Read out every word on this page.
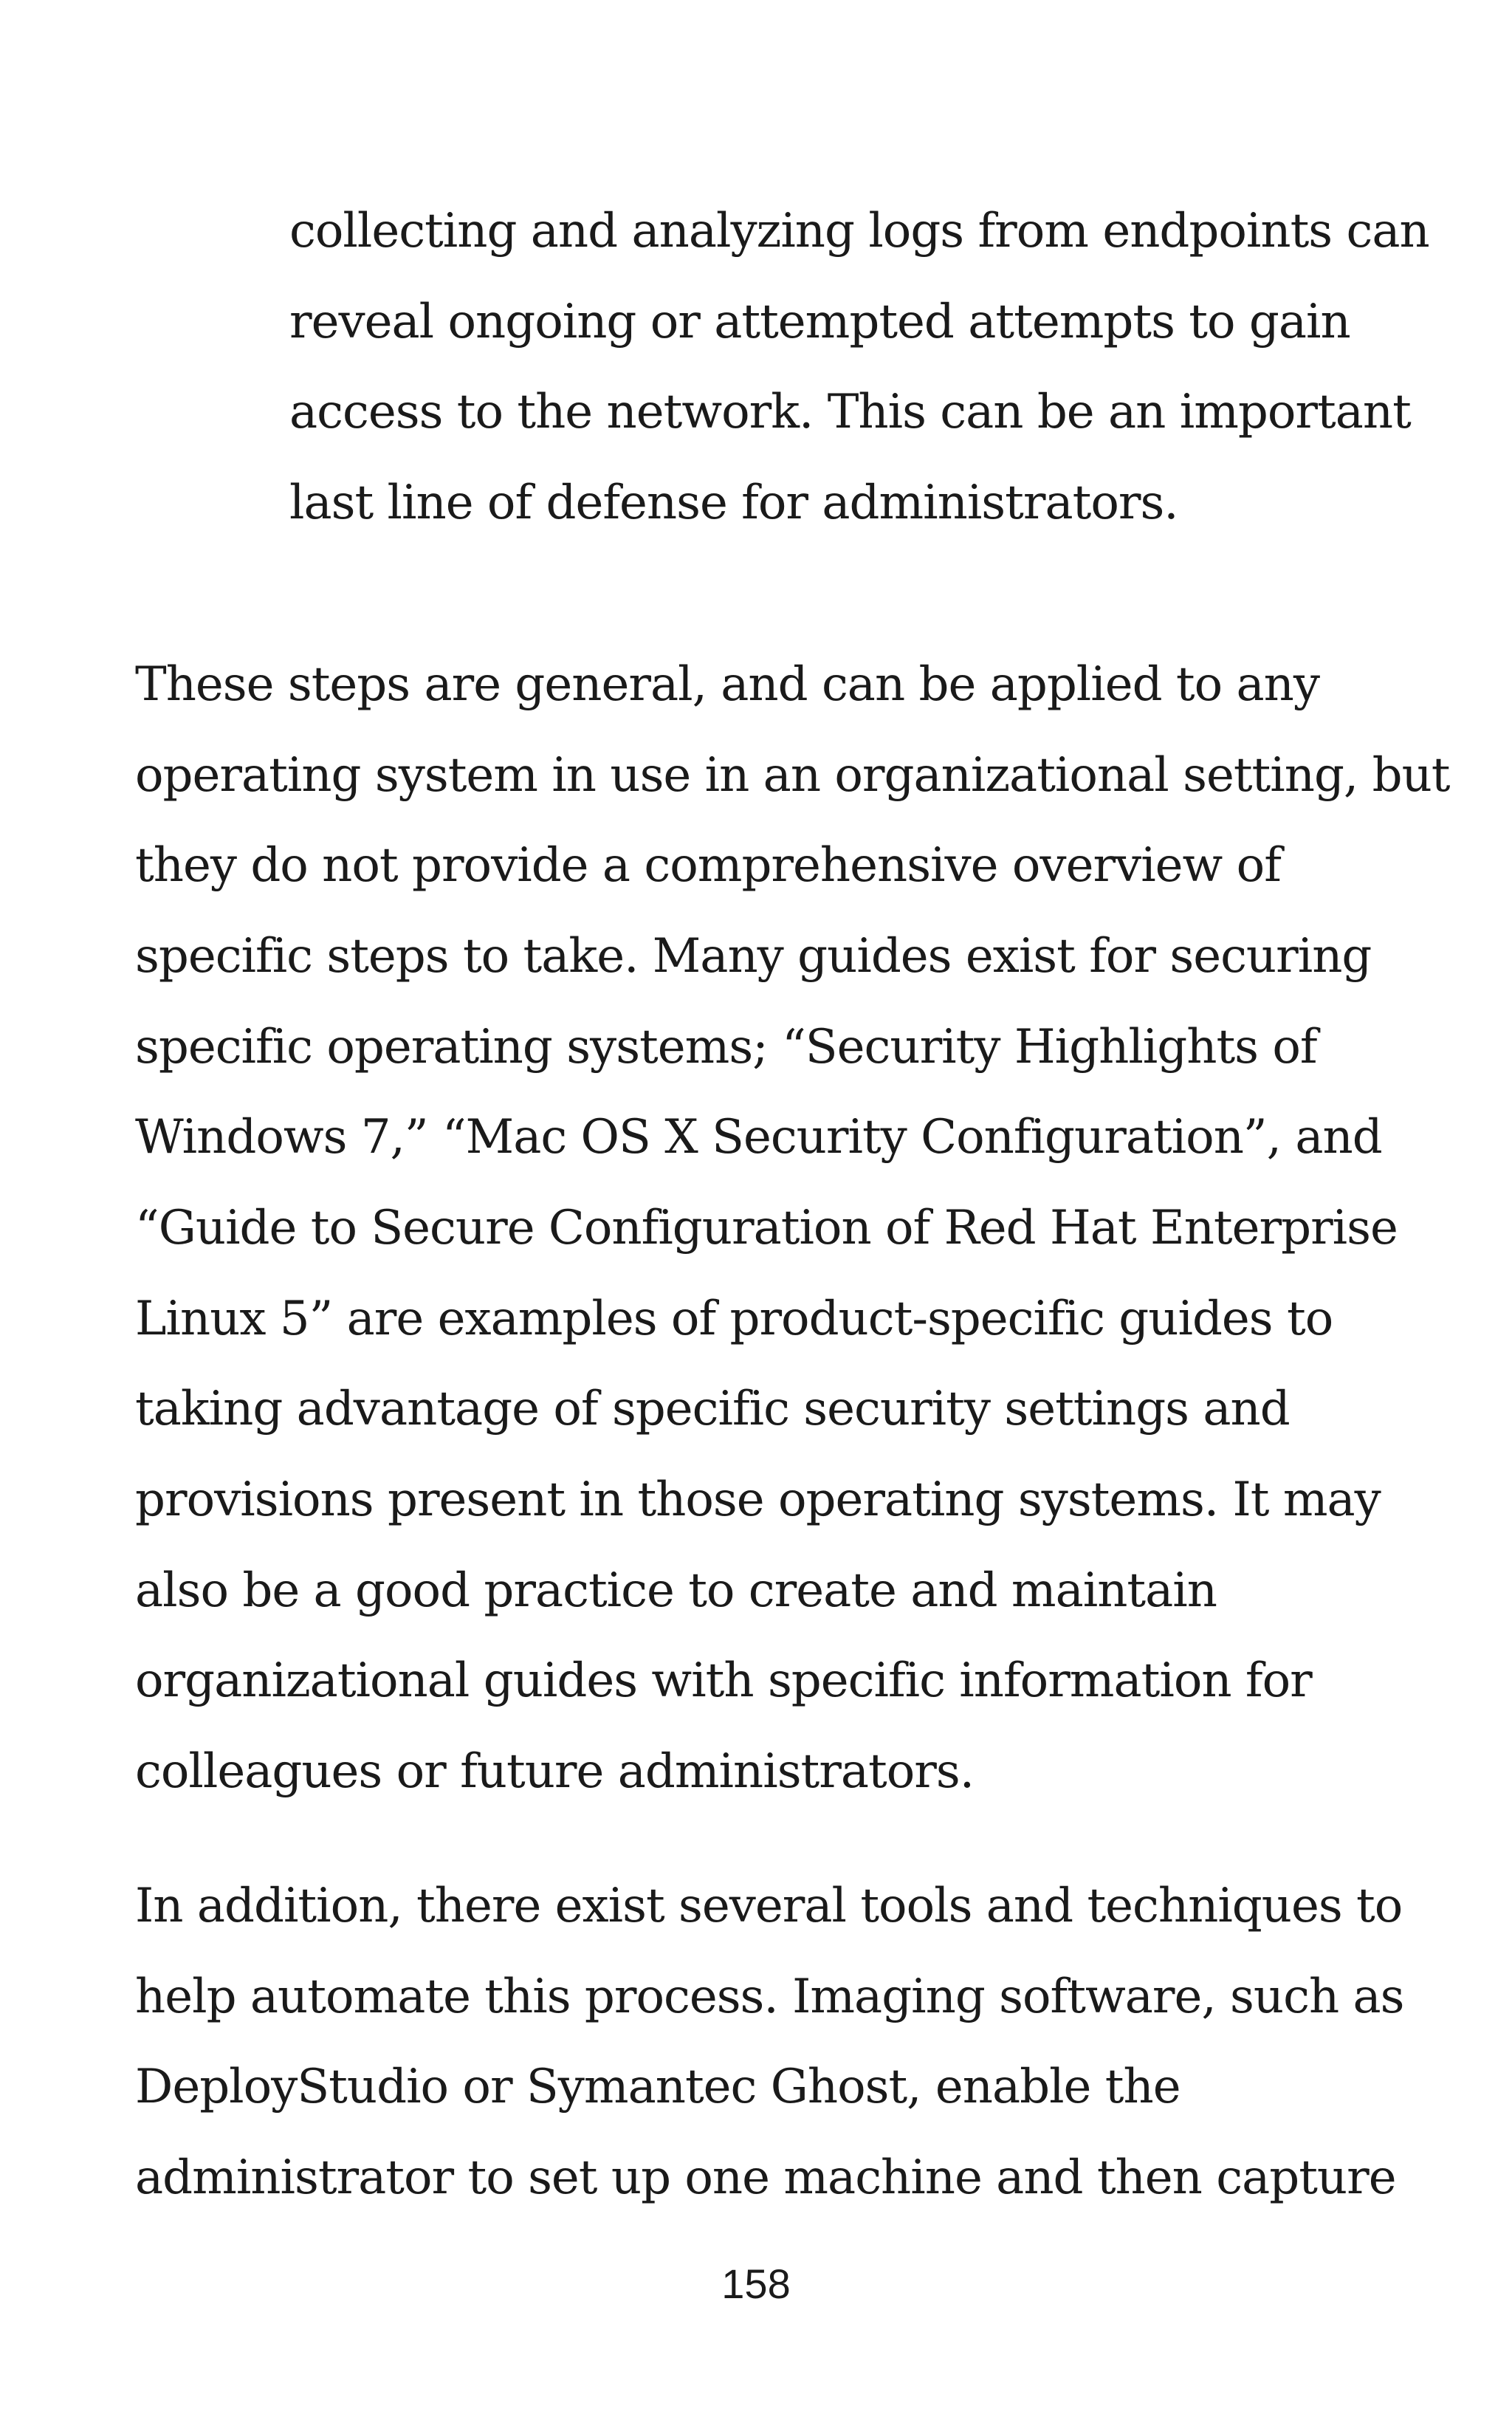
collecting and analyzing logs from endpoints can
reveal ongoing or attempted attempts to gain
access to the network. This can be an important
last line of defense for administrators.
These steps are general, and can be applied to any
operating system in use in an organizational setting, but
they do not provide a comprehensive overview of
specific steps to take. Many guides exist for securing
specific operating systems; “Security Highlights of
Windows 7,” “Mac OS X Security Configuration”, and
“Guide to Secure Configuration of Red Hat Enterprise
Linux 5” are examples of product-specific guides to
taking advantage of specific security settings and
provisions present in those operating systems. It may
also be a good practice to create and maintain
organizational guides with specific information for
colleagues or future administrators.
In addition, there exist several tools and techniques to
help automate this process. Imaging software, such as
DeployStudio or Symantec Ghost, enable the
administrator to set up one machine and then capture
158
